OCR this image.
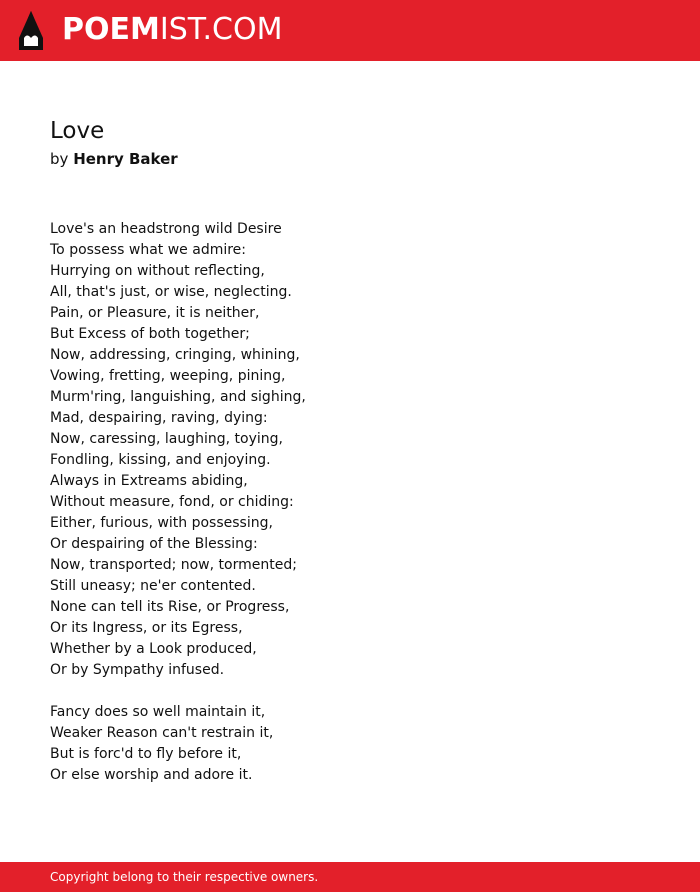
POEMIST.COM
Love
by Henry Baker
Love's an headstrong wild Desire
To possess what we admire:
Hurrying on without reflecting,
All, that's just, or wise, neglecting.
Pain, or Pleasure, it is neither,
But Excess of both together;
Now, addressing, cringing, whining,
Vowing, fretting, weeping, pining,
Murm'ring, languishing, and sighing,
Mad, despairing, raving, dying:
Now, caressing, laughing, toying,
Fondling, kissing, and enjoying.
Always in Extreams abiding,
Without measure, fond, or chiding:
Either, furious, with possessing,
Or despairing of the Blessing:
Now, transported; now, tormented;
Still uneasy; ne'er contented.
None can tell its Rise, or Progress,
Or its Ingress, or its Egress,
Whether by a Look produced,
Or by Sympathy infused.
Fancy does so well maintain it,
Weaker Reason can't restrain it,
But is forc'd to fly before it,
Or else worship and adore it.
Copyright belong to their respective owners.
